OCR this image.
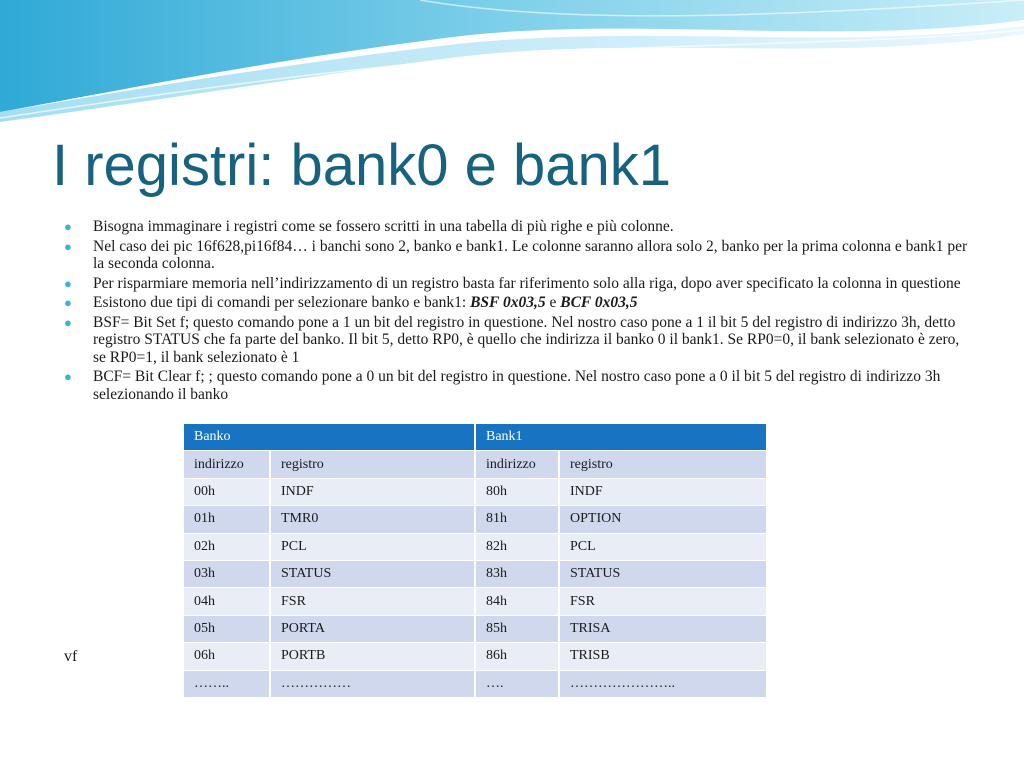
I registri: bank0 e bank1
● Bisogna immaginare i registri come se fossero scritti in una tabella di più righe e più colonne.
● Nel caso dei pic 16f628,pi16f84… i banchi sono 2, banko e bank1. Le colonne saranno allora solo 2, banko per la prima colonna e bank1 per la seconda colonna.
● Per risparmiare memoria nell’indirizzamento di un registro basta far riferimento solo alla riga, dopo aver specificato la colonna in questione
● Esistono due tipi di comandi per selezionare banko e bank1: BSF 0x03,5 e BCF 0x03,5
● BSF= Bit Set f; questo comando pone a 1 un bit del registro in questione. Nel nostro caso pone a 1 il bit 5 del registro di indirizzo 3h, detto registro STATUS che fa parte del banko. Il bit 5, detto RP0, è quello che indirizza il banko 0 il bank1. Se RP0=0, il bank selezionato è zero, se RP0=1, il bank selezionato è 1
● BCF= Bit Clear f; ; questo comando pone a 0 un bit del registro in questione. Nel nostro caso pone a 0 il bit 5 del registro di indirizzo 3h selezionando il banko
Banko		Bank1	
indirizzo	registro	indirizzo	registro
00h	INDF	80h	INDF
01h	TMR0	81h	OPTION
02h	PCL	82h	PCL
03h	STATUS	83h	STATUS
04h	FSR	84h	FSR
05h	PORTA	85h	TRISA
06h	PORTB	86h	TRISB
……..	……………	….	…………………..
vf
